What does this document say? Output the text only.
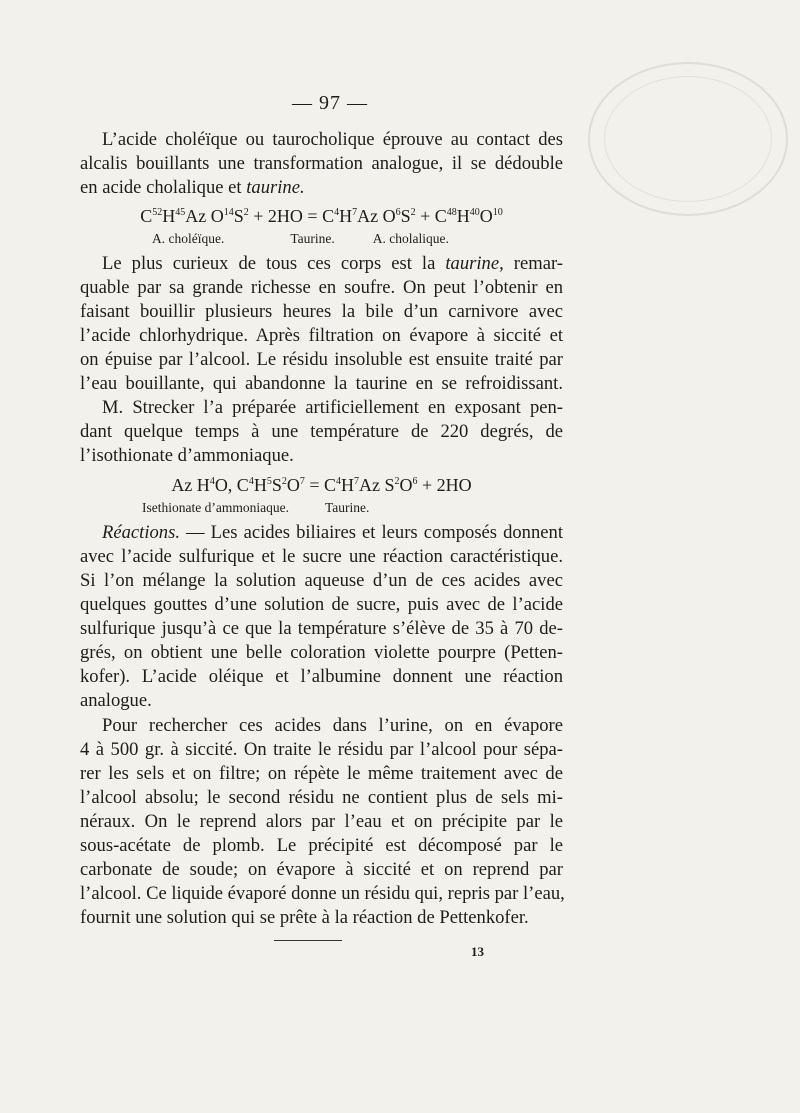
— 97 —
L’acide choléïque ou taurocholique éprouve au contact des
alcalis bouillants une transformation analogue, il se dédouble
en acide cholalique et taurine.
$C^{52}H^{45}Az$ $O^{14}S^2 + 2HO = C^4H^7Az$ $O^6S^2 + C^{48}H^{40}O^{10}$
A. choléïque.	Taurine.	A. cholalique.
Le plus curieux de tous ces corps est la taurine, remar-
quable par sa grande richesse en soufre. On peut l’obtenir en
faisant bouillir plusieurs heures la bile d’un carnivore avec
l’acide chlorhydrique. Après filtration on évapore à siccité et
on épuise par l’alcool. Le résidu insoluble est ensuite traité par
l’eau bouillante, qui abandonne la taurine en se refroidissant.
M. Strecker l’a préparée artificiellement en exposant pen-
dant quelque temps à une température de 220 degrés, de
l’isothionate d’ammoniaque.
Az $H^4O$, $C^4H^5S^2O^7 = C^4H^7Az$ $S^2O^6 + 2HO$
Isethionate d’ammoniaque.	Taurine.
Réactions. — Les acides biliaires et leurs composés donnent
avec l’acide sulfurique et le sucre une réaction caractéristique.
Si l’on mélange la solution aqueuse d’un de ces acides avec
quelques gouttes d’une solution de sucre, puis avec de l’acide
sulfurique jusqu’à ce que la température s’élève de 35 à 70 de-
grés, on obtient une belle coloration violette pourpre (Petten-
kofer). L’acide oléique et l’albumine donnent une réaction
analogue.
Pour rechercher ces acides dans l’urine, on en évapore
4 à 500 gr. à siccité. On traite le résidu par l’alcool pour sépa-
rer les sels et on filtre; on répète le même traitement avec de
l’alcool absolu; le second résidu ne contient plus de sels mi-
néraux. On le reprend alors par l’eau et on précipite par le
sous-acétate de plomb. Le précipité est décomposé par le
carbonate de soude; on évapore à siccité et on reprend par
l’alcool. Ce liquide évaporé donne un résidu qui, repris par l’eau,
fournit une solution qui se prête à la réaction de Pettenkofer.
13
